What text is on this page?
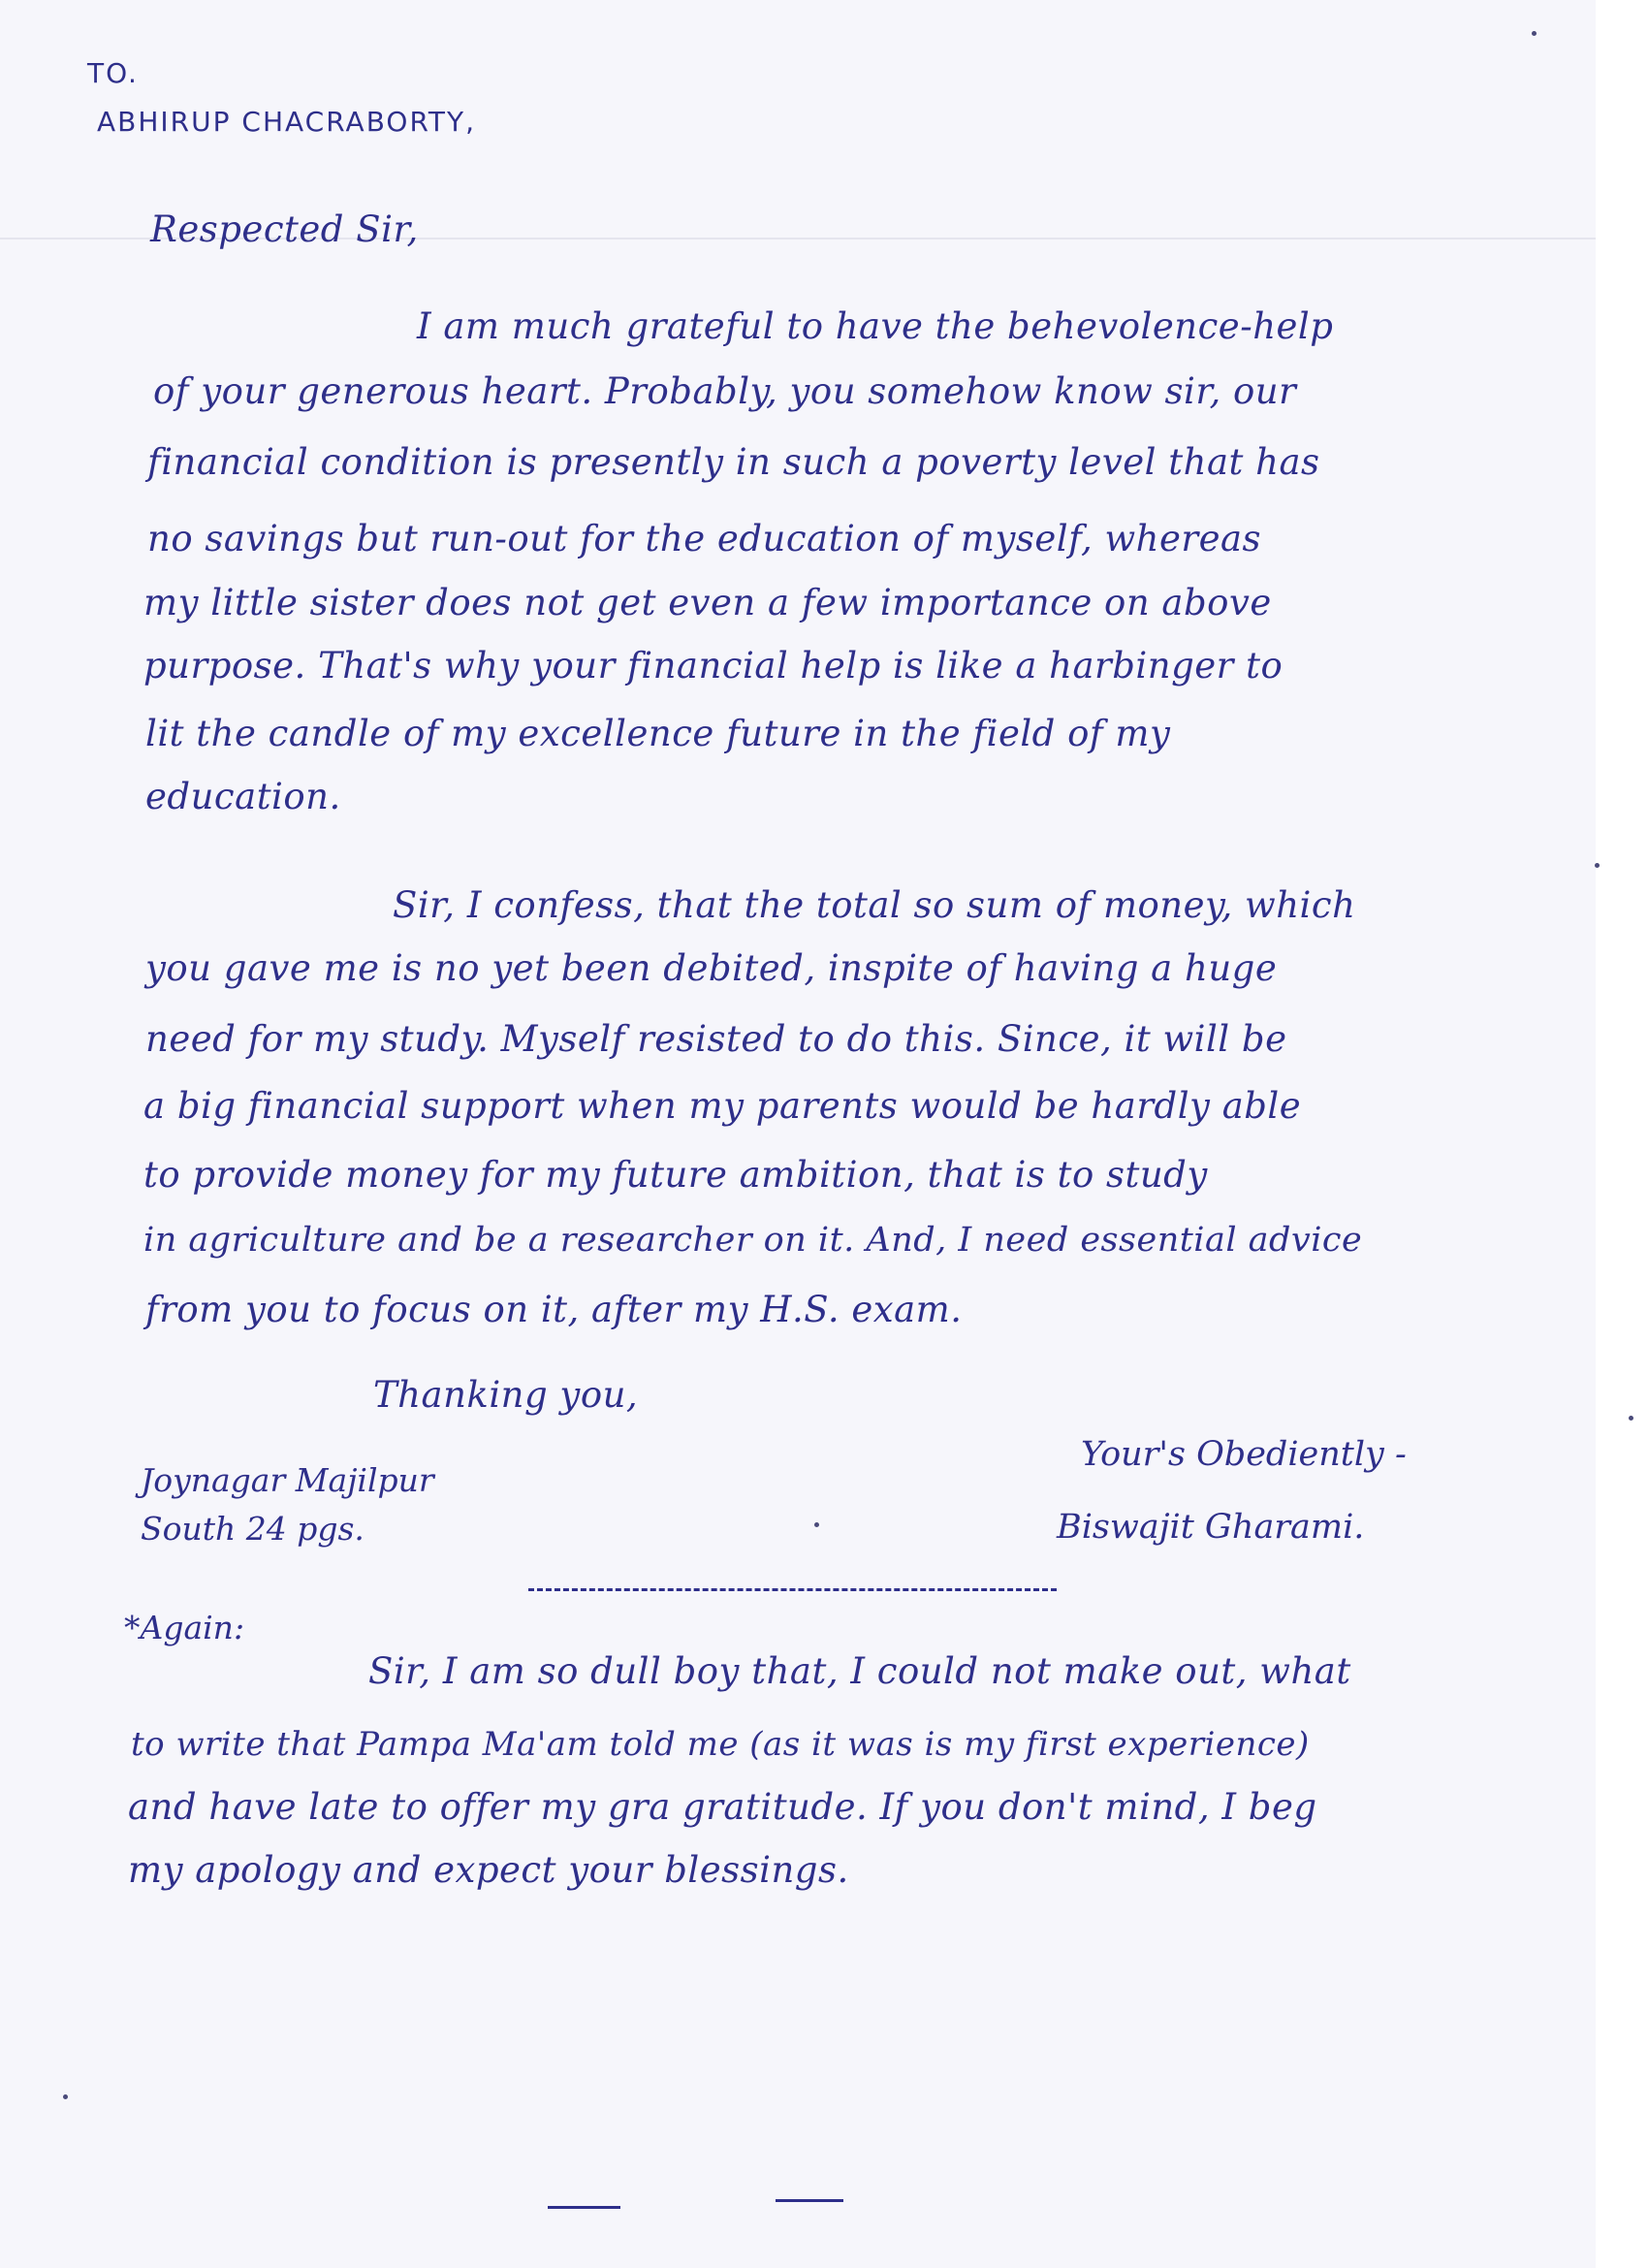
TO.
ABHIRUP CHACRABORTY,
Respected Sir,
I am much grateful to have the behevolence-help
of your generous heart. Probably, you somehow know sir, our
financial condition is presently in such a poverty level that has
no savings but run-out for the education of myself, whereas
my little sister does not get even a few importance on above
purpose. That's why your financial help is like a harbinger to
lit the candle of my excellence future in the field of my
education.
Sir, I confess, that the total so sum of money, which
you gave me is no yet been debited, inspite of having a huge
need for my study. Myself resisted to do this. Since, it will be
a big financial support when my parents would be hardly able
to provide money for my future ambition, that is to study
in agriculture and be a researcher on it. And, I need essential advice
from you to focus on it, after my H.S. exam.
Thanking you,
Joynagar Majilpur
South 24 pgs.
Your's Obediently -
Biswajit Gharami.
*Again:
Sir, I am so dull boy that, I could not make out, what
to write that Pampa Ma'am told me (as it was is my first experience)
and have late to offer my gra gratitude. If you don't mind, I beg
my apology and expect your blessings.
